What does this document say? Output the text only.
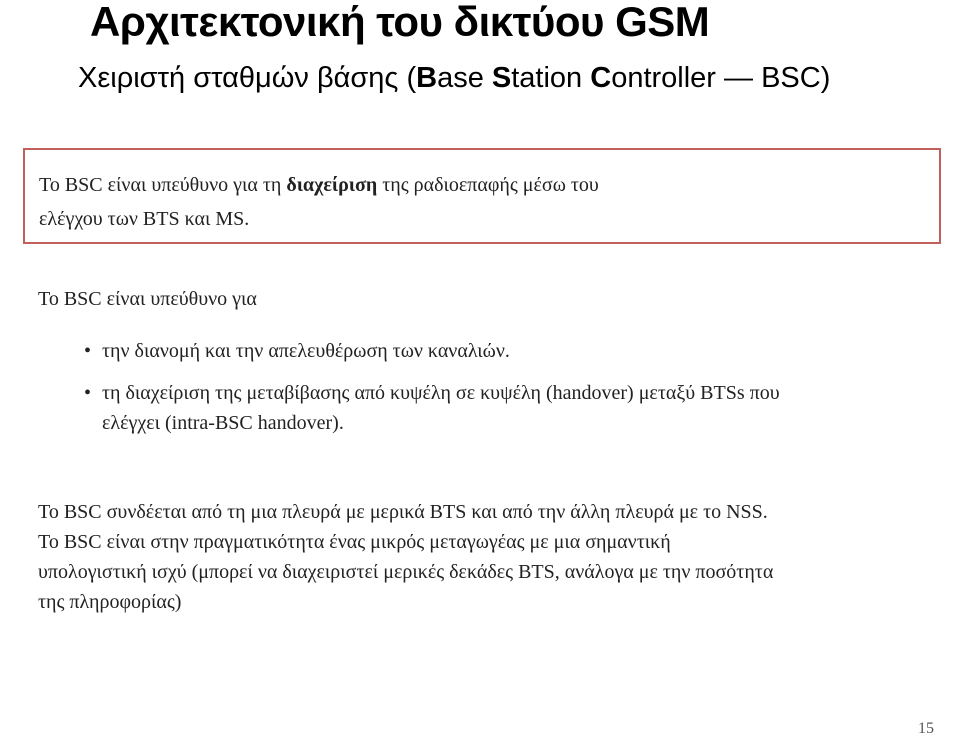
Αρχιτεκτονική του δικτύου GSM
Χειριστή σταθμών βάσης (Base Station Controller — BSC)

Το BSC είναι υπεύθυνο για τη διαχείριση της ραδιοεπαφής μέσω του

ελέγχου των BTS και MS.

Το BSC είναι υπεύθυνο για

• την διανομή και την απελευθέρωση των καναλιών.
• τη διαχείριση της μεταβίβασης από κυψέλη σε κυψέλη (handover) μεταξύ BTSs που
ελέγχει (intra-BSC handover).
Το BSC συνδέεται από τη μια πλευρά με μερικά BTS και από την άλλη πλευρά με το NSS.
Το BSC είναι στην πραγματικότητα ένας μικρός μεταγωγέας με μια σημαντική
υπολογιστική ισχύ (μπορεί να διαχειριστεί μερικές δεκάδες BTS, ανάλογα με την ποσότητα
της πληροφορίας)
15
